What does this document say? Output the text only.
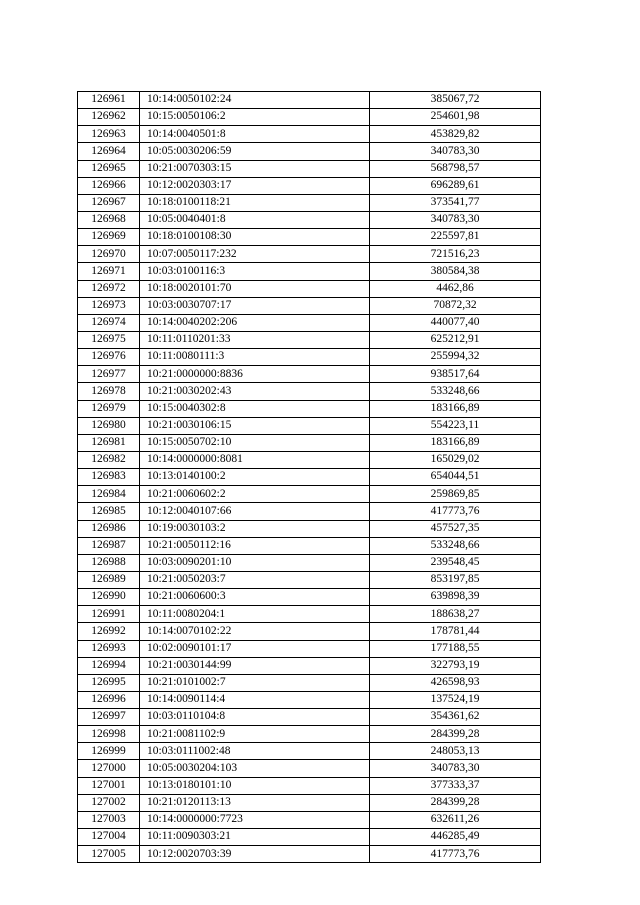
126961	10:14:0050102:24	385067,72
126962	10:15:0050106:2	254601,98
126963	10:14:0040501:8	453829,82
126964	10:05:0030206:59	340783,30
126965	10:21:0070303:15	568798,57
126966	10:12:0020303:17	696289,61
126967	10:18:0100118:21	373541,77
126968	10:05:0040401:8	340783,30
126969	10:18:0100108:30	225597,81
126970	10:07:0050117:232	721516,23
126971	10:03:0100116:3	380584,38
126972	10:18:0020101:70	4462,86
126973	10:03:0030707:17	70872,32
126974	10:14:0040202:206	440077,40
126975	10:11:0110201:33	625212,91
126976	10:11:0080111:3	255994,32
126977	10:21:0000000:8836	938517,64
126978	10:21:0030202:43	533248,66
126979	10:15:0040302:8	183166,89
126980	10:21:0030106:15	554223,11
126981	10:15:0050702:10	183166,89
126982	10:14:0000000:8081	165029,02
126983	10:13:0140100:2	654044,51
126984	10:21:0060602:2	259869,85
126985	10:12:0040107:66	417773,76
126986	10:19:0030103:2	457527,35
126987	10:21:0050112:16	533248,66
126988	10:03:0090201:10	239548,45
126989	10:21:0050203:7	853197,85
126990	10:21:0060600:3	639898,39
126991	10:11:0080204:1	188638,27
126992	10:14:0070102:22	178781,44
126993	10:02:0090101:17	177188,55
126994	10:21:0030144:99	322793,19
126995	10:21:0101002:7	426598,93
126996	10:14:0090114:4	137524,19
126997	10:03:0110104:8	354361,62
126998	10:21:0081102:9	284399,28
126999	10:03:0111002:48	248053,13
127000	10:05:0030204:103	340783,30
127001	10:13:0180101:10	377333,37
127002	10:21:0120113:13	284399,28
127003	10:14:0000000:7723	632611,26
127004	10:11:0090303:21	446285,49
127005	10:12:0020703:39	417773,76
